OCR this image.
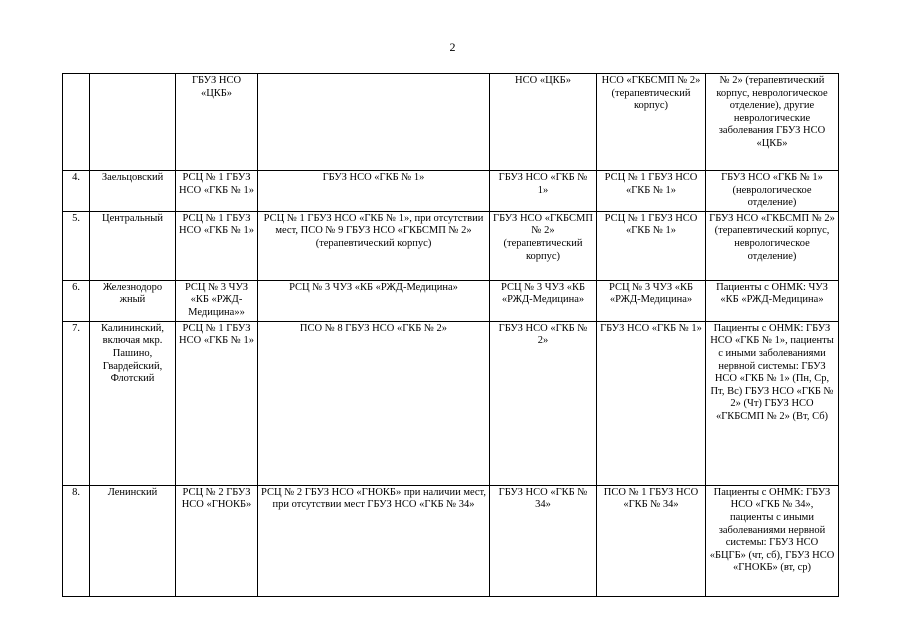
2
		ГБУЗ НСО «ЦКБ»		НСО «ЦКБ»	НСО «ГКБСМП № 2» (терапевтический корпус)	№ 2» (терапевтический корпус, неврологическое отделение), другие неврологические заболевания ГБУЗ НСО «ЦКБ»
4.	Заельцовский	РСЦ № 1 ГБУЗ НСО «ГКБ № 1»	ГБУЗ НСО «ГКБ № 1»	ГБУЗ НСО «ГКБ № 1»	РСЦ № 1 ГБУЗ НСО «ГКБ № 1»	ГБУЗ НСО «ГКБ № 1» (неврологическое отделение)
5.	Центральный	РСЦ № 1 ГБУЗ НСО «ГКБ № 1»	РСЦ № 1 ГБУЗ НСО «ГКБ № 1», при отсутствии мест, ПСО № 9 ГБУЗ НСО «ГКБСМП № 2» (терапевтический корпус)	ГБУЗ НСО «ГКБСМП № 2» (терапевтический корпус)	РСЦ № 1 ГБУЗ НСО «ГКБ № 1»	ГБУЗ НСО «ГКБСМП № 2» (терапевтический корпус, неврологическое отделение)
6.	Железнодоро жный	РСЦ № 3 ЧУЗ «КБ «РЖД-Медицина»»	РСЦ № 3 ЧУЗ «КБ «РЖД-Медицина»	РСЦ № 3 ЧУЗ «КБ «РЖД-Медицина»	РСЦ № 3 ЧУЗ «КБ «РЖД-Медицина»	Пациенты с ОНМК: ЧУЗ «КБ «РЖД-Медицина»
7.	Калининский, включая мкр. Пашино, Гвардейский, Флотский	РСЦ № 1 ГБУЗ НСО «ГКБ № 1»	ПСО № 8 ГБУЗ НСО «ГКБ № 2»	ГБУЗ НСО «ГКБ № 2»	ГБУЗ НСО «ГКБ № 1»	Пациенты с ОНМК: ГБУЗ НСО «ГКБ № 1», пациенты с иными заболеваниями нервной системы: ГБУЗ НСО «ГКБ № 1» (Пн, Ср, Пт, Вс) ГБУЗ НСО «ГКБ № 2» (Чт) ГБУЗ НСО «ГКБСМП № 2» (Вт, Сб)
8.	Ленинский	РСЦ № 2 ГБУЗ НСО «ГНОКБ»	РСЦ № 2 ГБУЗ НСО «ГНОКБ» при наличии мест, при отсутствии мест ГБУЗ НСО «ГКБ № 34»	ГБУЗ НСО «ГКБ № 34»	ПСО № 1 ГБУЗ НСО «ГКБ № 34»	Пациенты с ОНМК: ГБУЗ НСО «ГКБ № 34», пациенты с иными заболеваниями нервной системы: ГБУЗ НСО «БЦГБ» (чт, сб), ГБУЗ НСО «ГНОКБ» (вт, ср)
